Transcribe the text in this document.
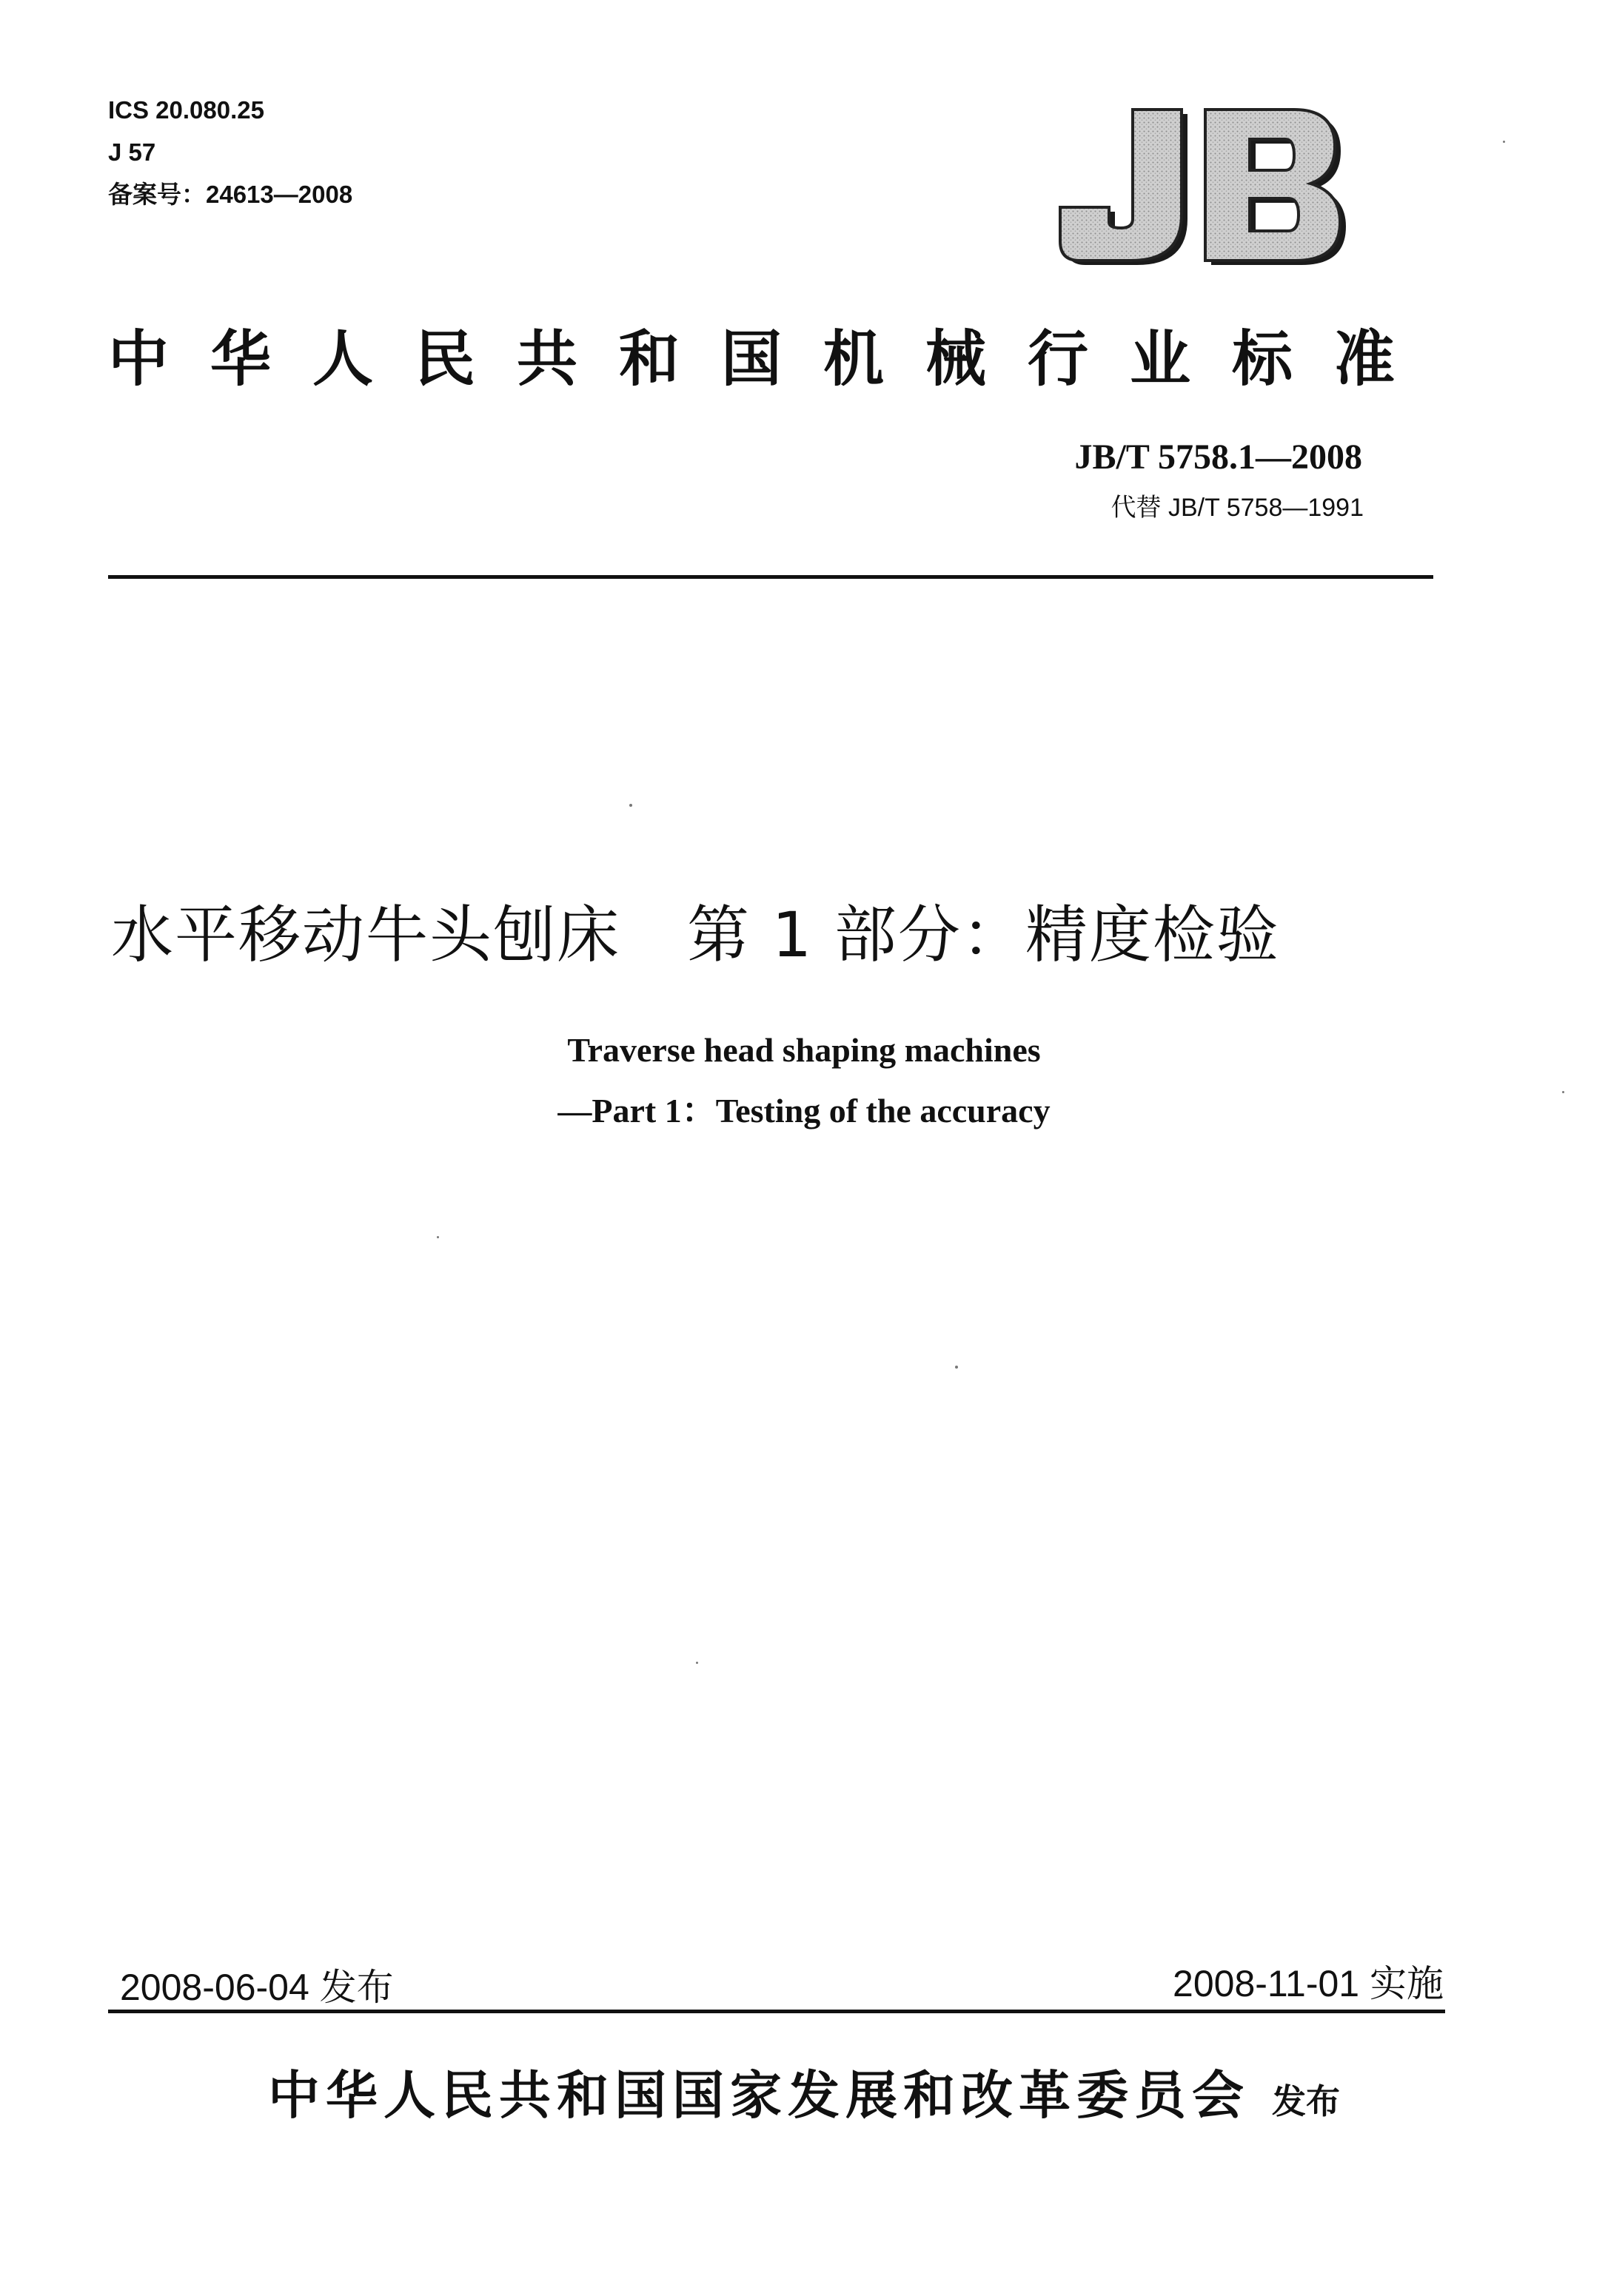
ICS 20.080.25
J 57
备案号：24613—2008
中华人民共和国机械行业标准
JB/T 5758.1—2008
代替 JB/T 5758—1991
水平移动牛头刨床 第 1 部分：精度检验
Traverse head shaping machines
—Part 1：Testing of the accuracy
2008-06-04 发布	2008-11-01 实施
中华人民共和国国家发展和改革委员会 发布
